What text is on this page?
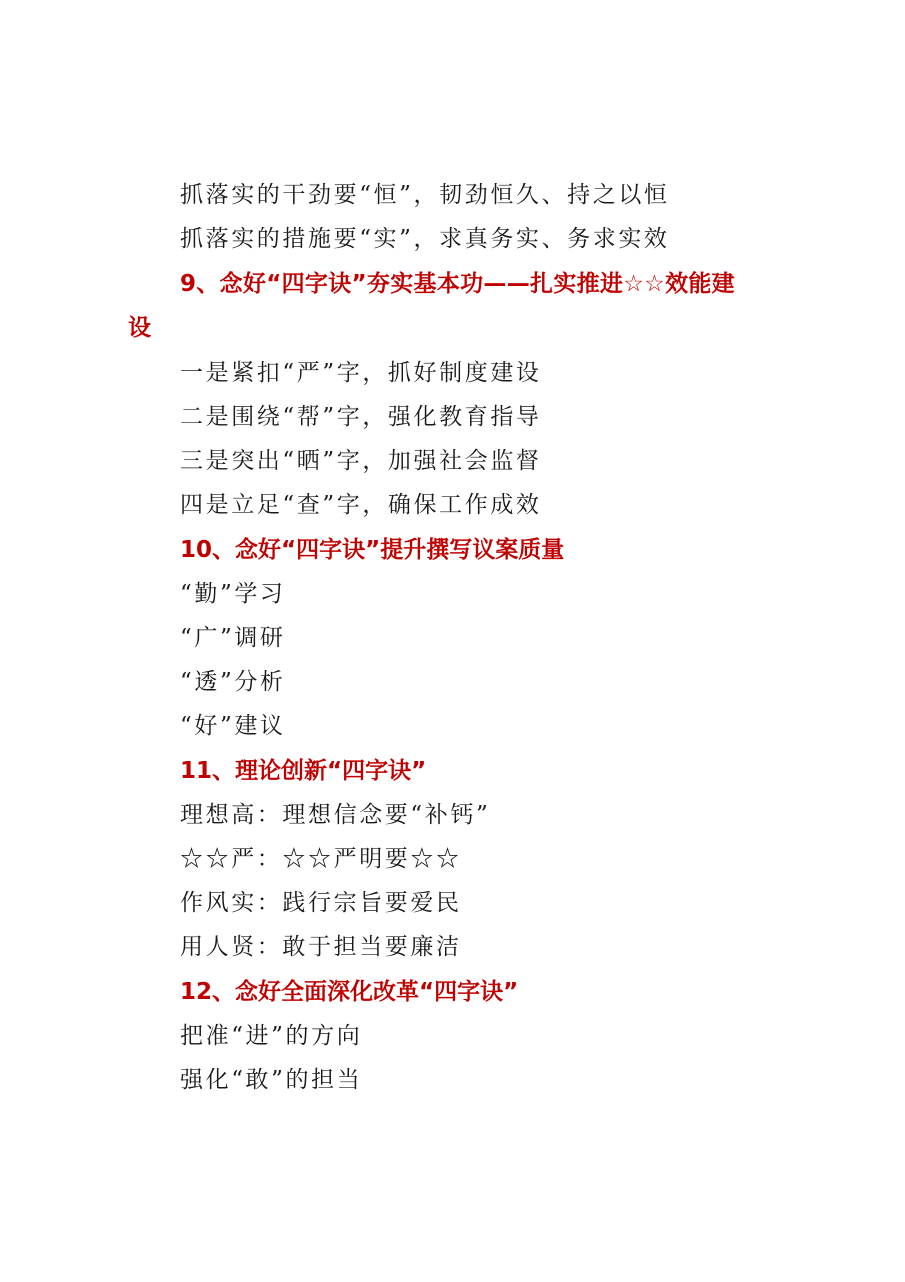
抓落实的干劲要“恒”，韧劲恒久、持之以恒
抓落实的措施要“实”，求真务实、务求实效
9、念好“四字诀”夯实基本功——扎实推进☆☆效能建
设
一是紧扣“严”字，抓好制度建设
二是围绕“帮”字，强化教育指导
三是突出“晒”字，加强社会监督
四是立足“查”字，确保工作成效
10、念好“四字诀”提升撰写议案质量
“勤”学习
“广”调研
“透”分析
“好”建议
11、理论创新“四字诀”
理想高：理想信念要“补钙”
☆☆严：☆☆严明要☆☆
作风实：践行宗旨要爱民
用人贤：敢于担当要廉洁
12、念好全面深化改革“四字诀”
把准“进”的方向
强化“敢”的担当
